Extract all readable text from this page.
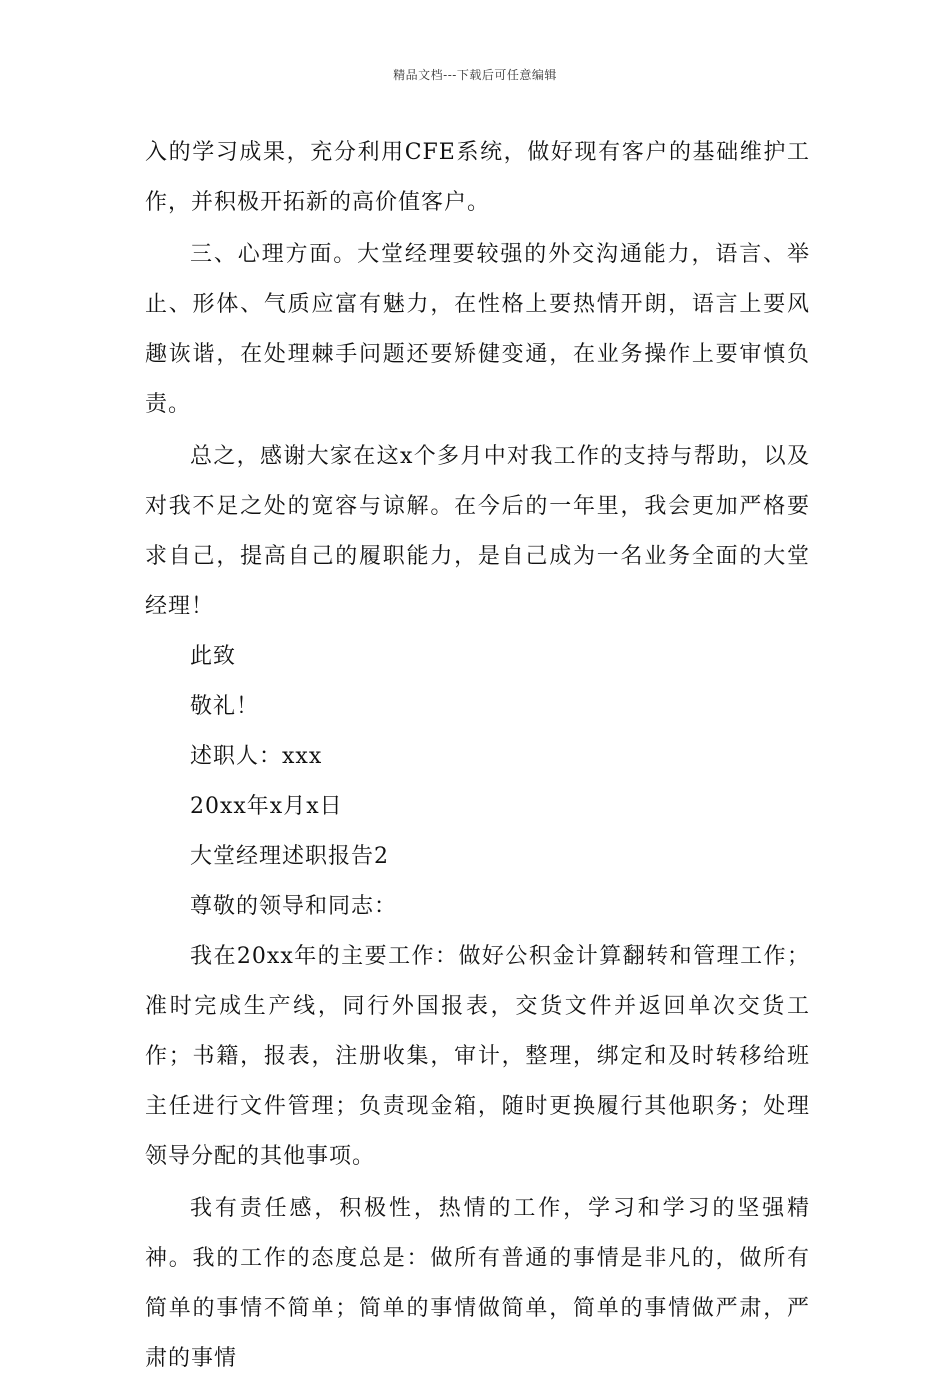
精品文档---下载后可任意编辑

入的学习成果，充分利用CFE系统，做好现有客户的基础维护工作，并积极开拓新的高价值客户。

三、心理方面。大堂经理要较强的外交沟通能力，语言、举止、形体、气质应富有魅力，在性格上要热情开朗，语言上要风趣诙谐，在处理棘手问题还要矫健变通，在业务操作上要审慎负责。

总之，感谢大家在这x个多月中对我工作的支持与帮助，以及对我不足之处的宽容与谅解。在今后的一年里，我会更加严格要求自己，提高自己的履职能力，是自己成为一名业务全面的大堂经理！

此致

敬礼！

述职人：xxx

20xx年x月x日

大堂经理述职报告2

尊敬的领导和同志：

我在20xx年的主要工作：做好公积金计算翻转和管理工作；准时完成生产线，同行外国报表，交货文件并返回单次交货工作；书籍，报表，注册收集，审计，整理，绑定和及时转移给班主任进行文件管理；负责现金箱，随时更换履行其他职务；处理领导分配的其他事项。

我有责任感，积极性，热情的工作，学习和学习的坚强精神。我的工作的态度总是：做所有普通的事情是非凡的，做所有简单的事情不简单；简单的事情做简单，简单的事情做严肃，严肃的事情
